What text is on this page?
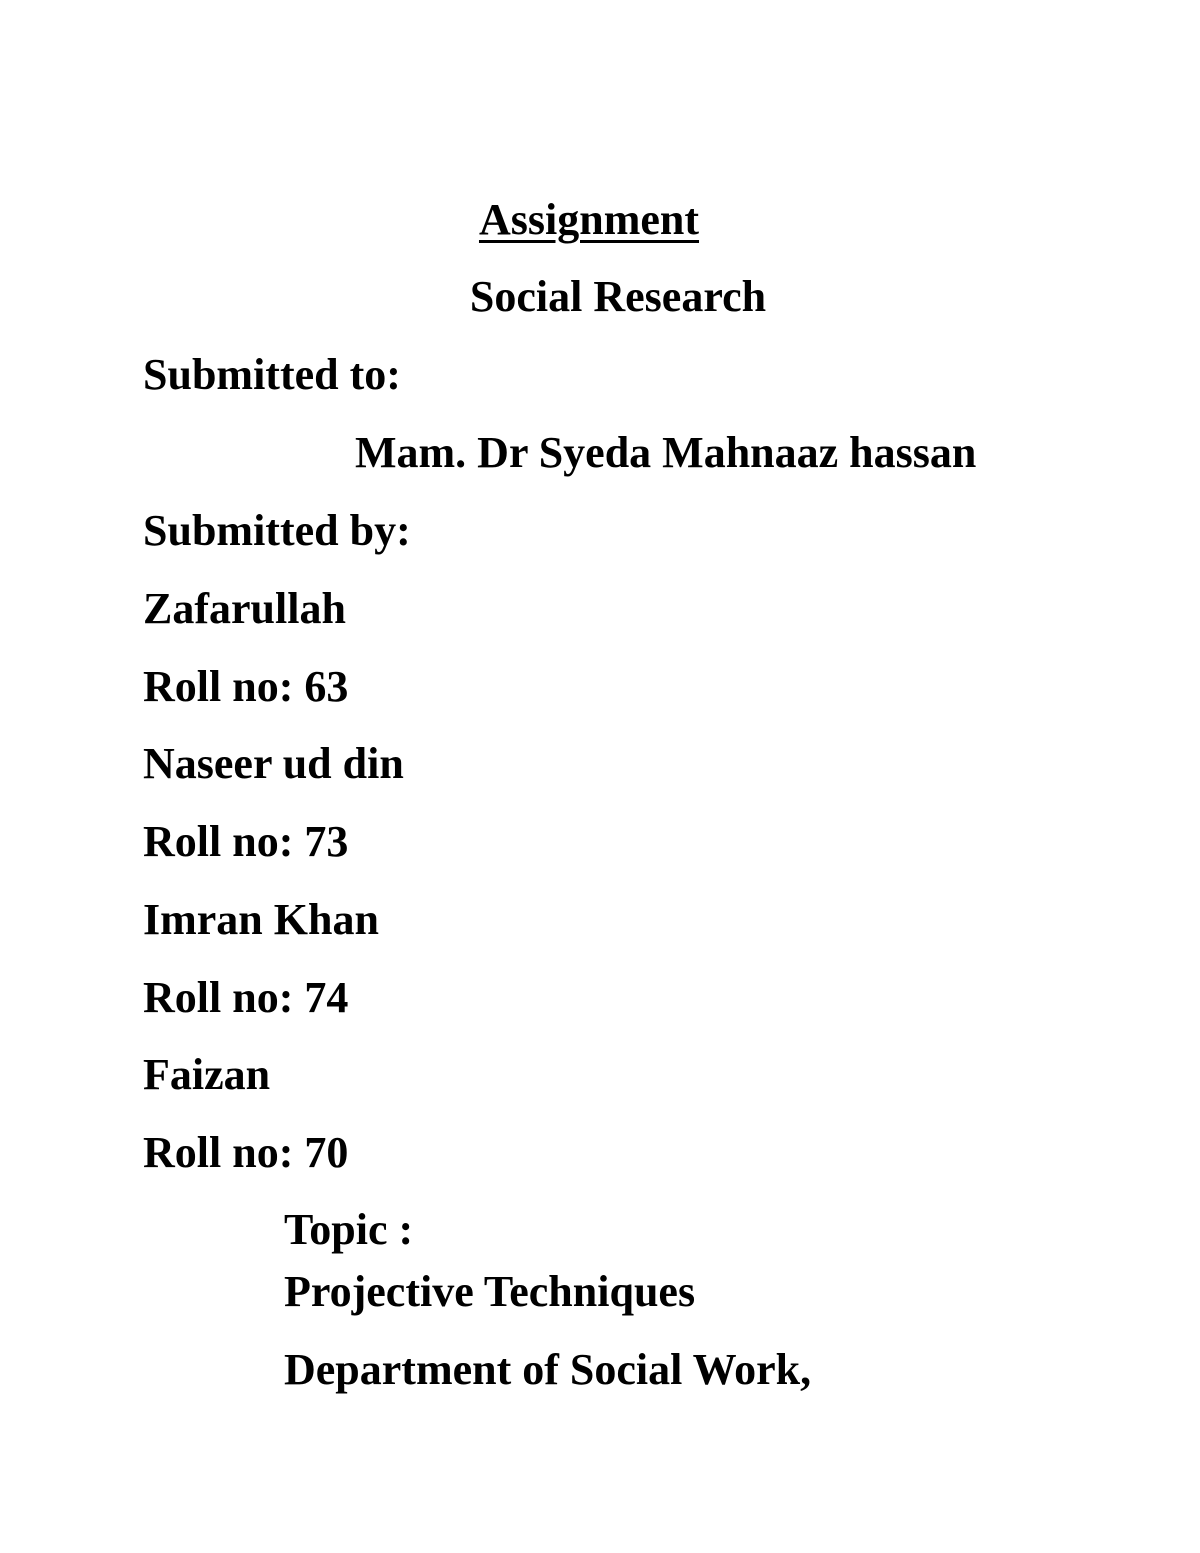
Assignment

Social Research

Submitted to:

Mam. Dr Syeda Mahnaaz hassan

Submitted by:

Zafarullah

Roll no: 63

Naseer ud din

Roll no: 73

Imran Khan

Roll no: 74

Faizan

Roll no: 70

Topic :

Projective Techniques

Department of Social Work,
